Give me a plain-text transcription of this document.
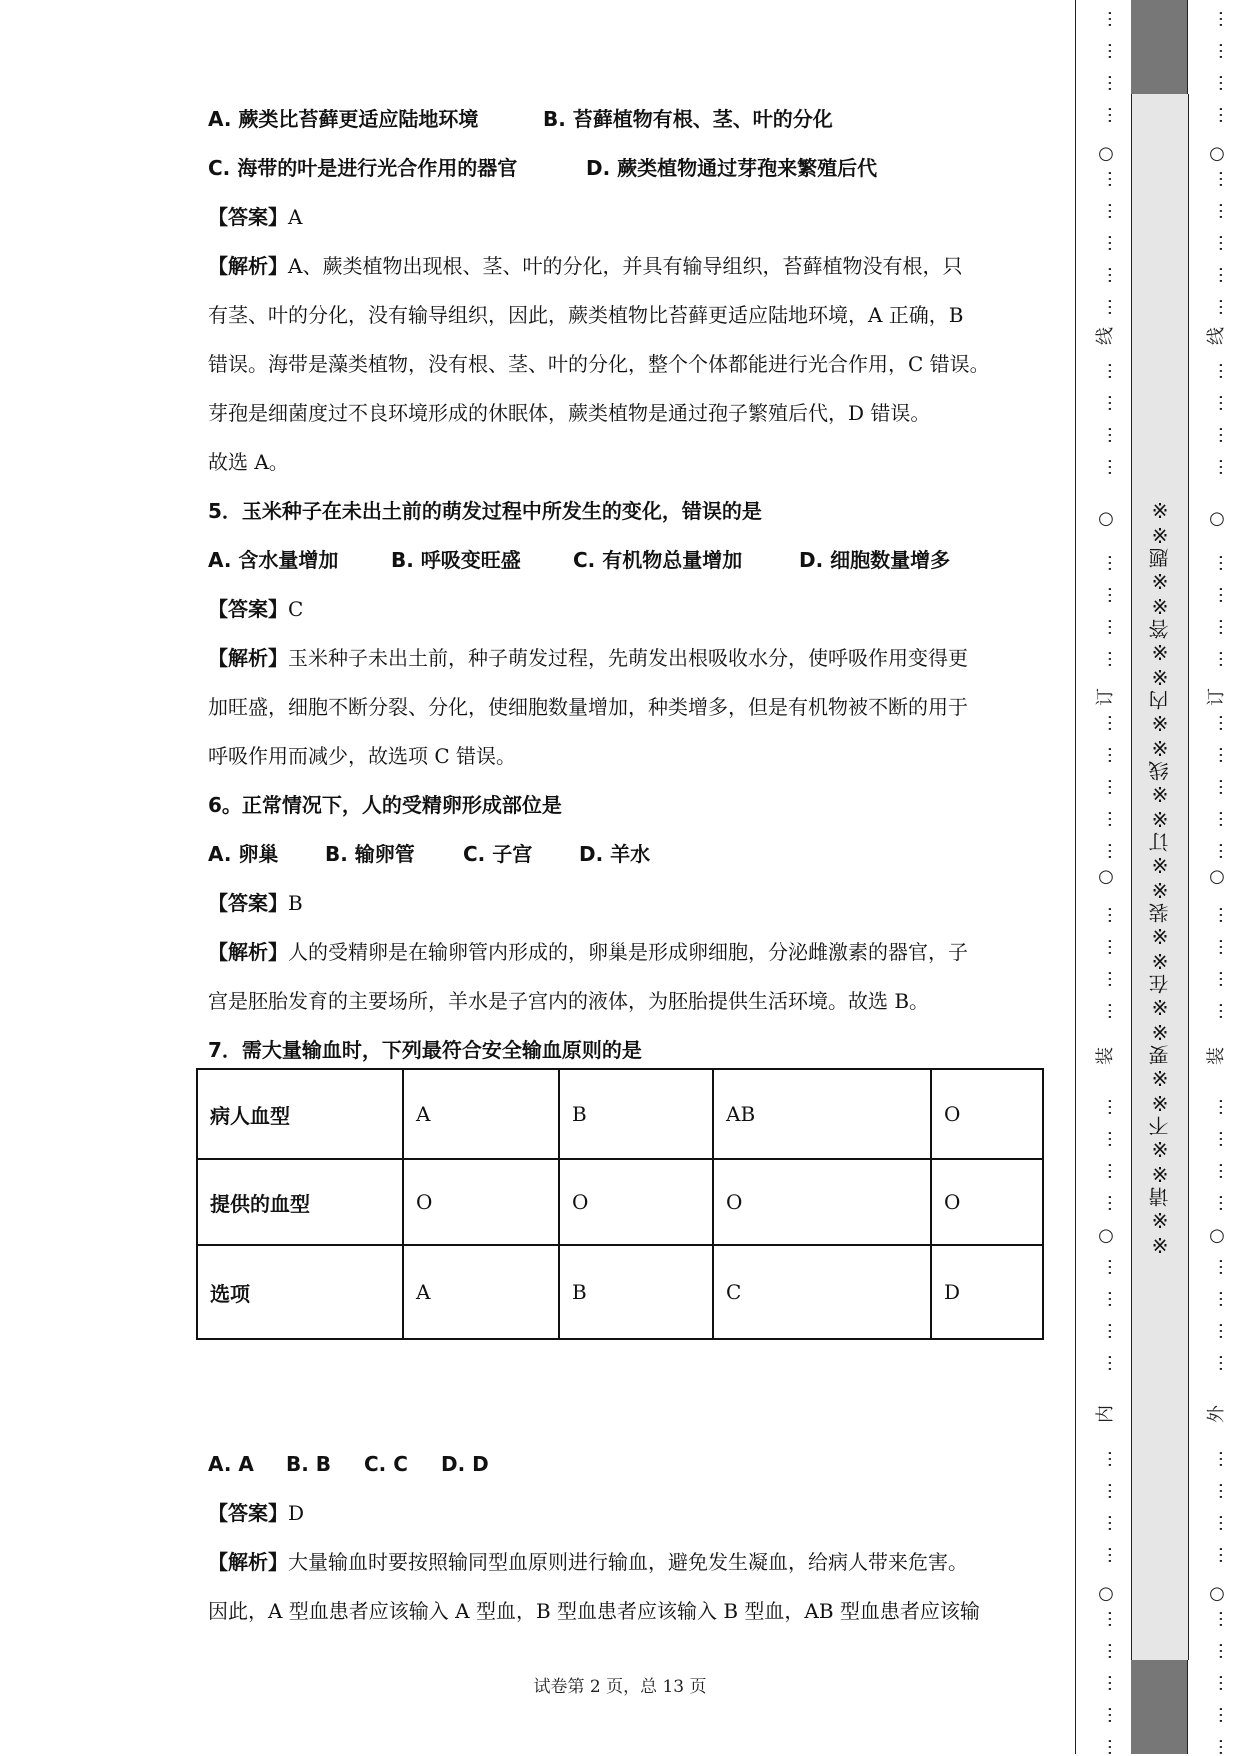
A. 蕨类比苔藓更适应陆地环境	B. 苔藓植物有根、茎、叶的分化
C. 海带的叶是进行光合作用的器官	D. 蕨类植物通过芽孢来繁殖后代
【答案】A
【解析】A、蕨类植物出现根、茎、叶的分化，并具有输导组织，苔藓植物没有根，只
有茎、叶的分化，没有输导组织，因此，蕨类植物比苔藓更适应陆地环境，A 正确，B
错误。海带是藻类植物，没有根、茎、叶的分化，整个个体都能进行光合作用，C 错误。
芽孢是细菌度过不良环境形成的休眠体，蕨类植物是通过孢子繁殖后代，D 错误。
故选 A。
5．玉米种子在未出土前的萌发过程中所发生的变化，错误的是
A. 含水量增加	B. 呼吸变旺盛	C. 有机物总量增加	D. 细胞数量增多
【答案】C
【解析】玉米种子未出土前，种子萌发过程，先萌发出根吸收水分，使呼吸作用变得更
加旺盛，细胞不断分裂、分化，使细胞数量增加，种类增多，但是有机物被不断的用于
呼吸作用而减少，故选项 C 错误。
6。正常情况下，人的受精卵形成部位是
A. 卵巢 B. 输卵管 C. 子宫 D. 羊水
【答案】B
【解析】人的受精卵是在输卵管内形成的，卵巢是形成卵细胞，分泌雌激素的器官，子
宫是胚胎发育的主要场所，羊水是子宫内的液体，为胚胎提供生活环境。故选 B。
7．需大量输血时，下列最符合安全输血原则的是
病人血型	A	B	AB	O
提供的血型	O	O	O	O
选项	A	B	C	D
A. A B. B C. C D. D
【答案】D
【解析】大量输血时要按照输同型血原则进行输血，避免发生凝血，给病人带来危害。
因此，A 型血患者应该输入 A 型血，B 型血患者应该输入 B 型血，AB 型血患者应该输
试卷第 2 页，总 13 页
※※请※※不※※要※※在※※装※※订※※线※※内※※答※※题※※
○
线
○
订
○
装
○
内
○
…
…
…
…
…
…
…
…
…
…
…
…
…
…
…
…
…
…
…
…
…
…
…
…
…
…
…
…
…
…
…
…
…
…
…
…
…
…
…
…
…
…
…
○
线
○
订
○
装
○
外
○
…
…
…
…
…
…
…
…
…
…
…
…
…
…
…
…
…
…
…
…
…
…
…
…
…
…
…
…
…
…
…
…
…
…
…
…
…
…
…
…
…
…
…
